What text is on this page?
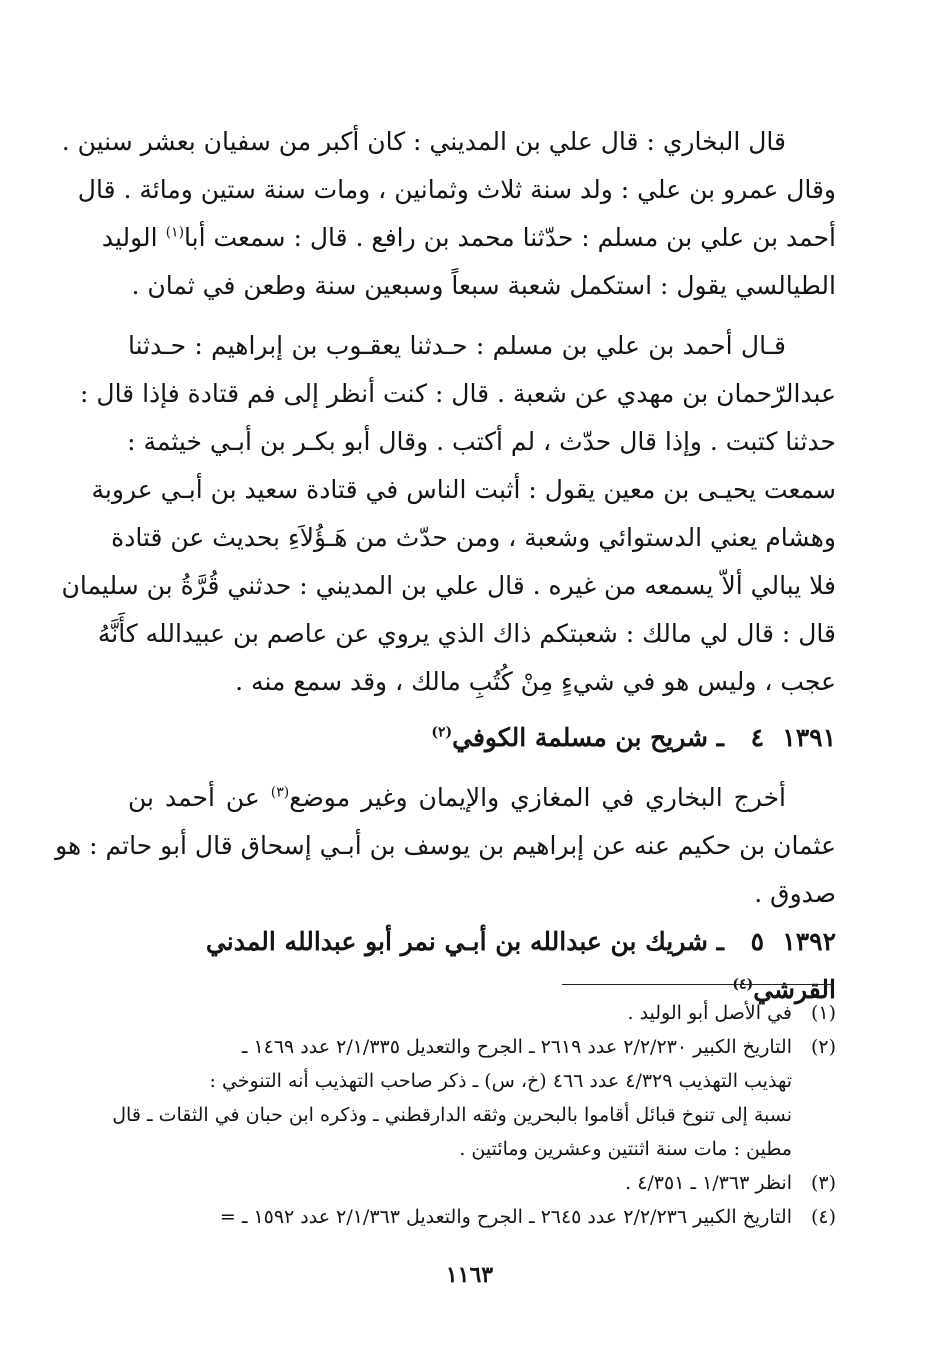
قال البخاري : قال علي بن المديني : كان أكبر من سفيان بعشر سنين .
وقال عمرو بن علي : ولد سنة ثلاث وثمانين ، ومات سنة ستين ومائة . قال
أحمد بن علي بن مسلم : حدّثنا محمد بن رافع . قال : سمعت أبا$^{(١)}$ الوليد
الطيالسي يقول : استكمل شعبة سبعاً وسبعين سنة وطعن في ثمان .

قـال أحمد بن علي بن مسلم : حـدثنا يعقـوب بن إبراهيم : حـدثنا
عبدالرّحمان بن مهدي عن شعبة . قال : كنت أنظر إلى فم قتادة فإذا قال :
حدثنا كتبت . وإذا قال حدّث ، لم أكتب . وقال أبو بكـر بن أبـي خيثمة :
سمعت يحيـى بن معين يقول : أثبت الناس في قتادة سعيد بن أبـي عروبة
وهشام يعني الدستوائي وشعبة ، ومن حدّث من هَـؤُلاَءِ بحديث عن قتادة
فلا يبالي ألاّ يسمعه من غيره . قال علي بن المديني : حدثني قُرَّةُ بن سليمان
قال : قال لي مالك : شعبتكم ذاك الذي يروي عن عاصم بن عبيدالله كأَنَّهُ
عجب ، وليس هو في شيءٍ مِنْ كُتُبِ مالك ، وقد سمع منه .

١٣٩١٤ـ شريح بن مسلمة الكوفي$^{(٢)}$

أخرج البخاري في المغازي والإيمان وغير موضع$^{(٣)}$ عن أحمد بن
عثمان بن حكيم عنه عن إبراهيم بن يوسف بن أبـي إسحاق قال أبو حاتم : هو
صدوق .

١٣٩٢٥ـ شريك بن عبدالله بن أبـي نمر أبو عبدالله المدني القرشي$^{(٤)}$
(١)في الأصل أبو الوليد .
(٢)التاريخ الكبير ٢/٢/٢٣٠ عدد ٢٦١٩ ـ الجرح والتعديل ٢/١/٣٣٥ عدد ١٤٦٩ ـ
تهذيب التهذيب ٤/٣٢٩ عدد ٤٦٦ (خ، س) ـ ذكر صاحب التهذيب أنه التنوخي :
نسبة إلى تنوخ قبائل أقاموا بالبحرين وثقه الدارقطني ـ وذكره ابن حبان في الثقات ـ قال
مطين : مات سنة اثنتين وعشرين ومائتين .
(٣)انظر ١/٣٦٣ ـ ٤/٣٥١ .
(٤)التاريخ الكبير ٢/٢/٢٣٦ عدد ٢٦٤٥ ـ الجرح والتعديل ٢/١/٣٦٣ عدد ١٥٩٢ ـ =
١١٦٣
